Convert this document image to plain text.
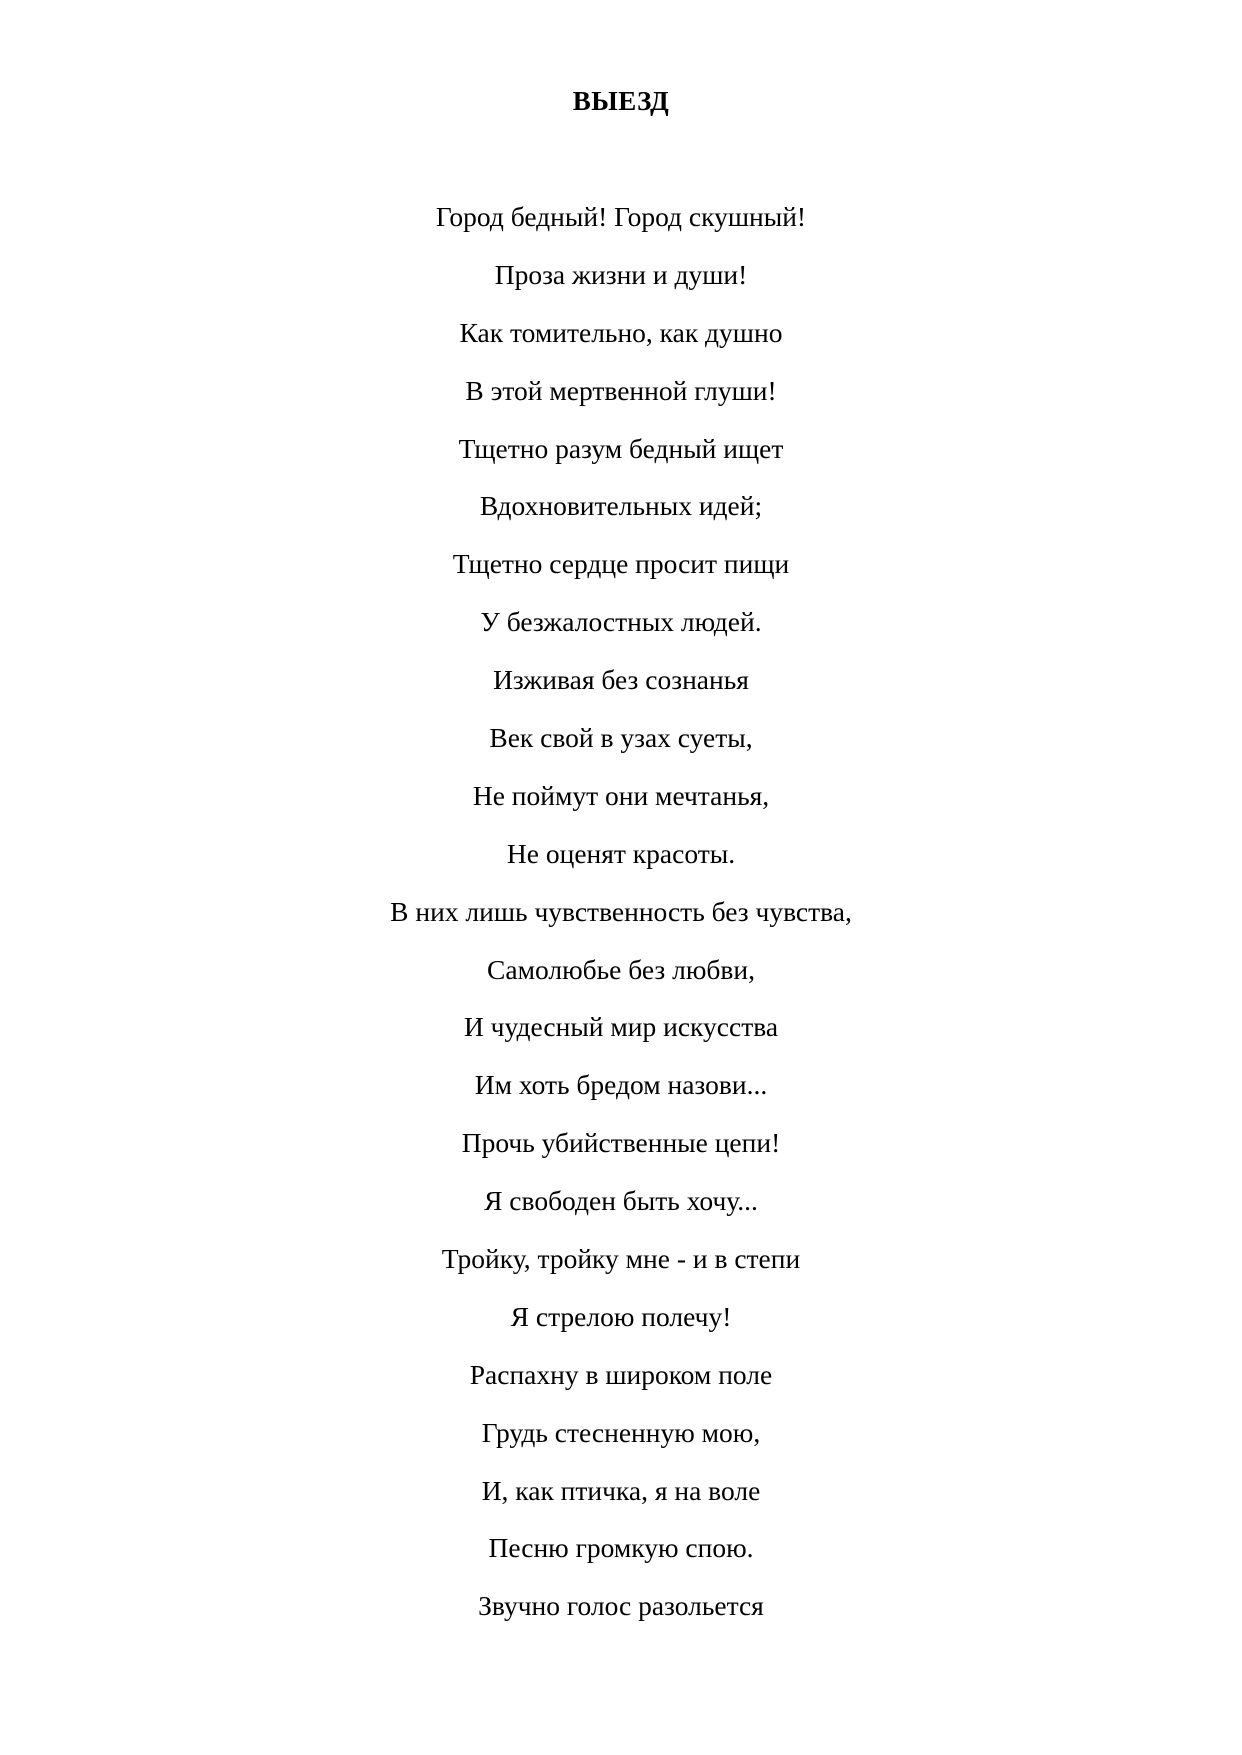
ВЫЕЗД
Город бедный! Город скушный!
Проза жизни и души!
Как томительно, как душно
В этой мертвенной глуши!
Тщетно разум бедный ищет
Вдохновительных идей;
Тщетно сердце просит пищи
У безжалостных людей.
Изживая без сознанья
Век свой в узах суеты,
Не поймут они мечтанья,
Не оценят красоты.
В них лишь чувственность без чувства,
Самолюбье без любви,
И чудесный мир искусства
Им хоть бредом назови...
Прочь убийственные цепи!
Я свободен быть хочу...
Тройку, тройку мне - и в степи
Я стрелою полечу!
Распахну в широком поле
Грудь стесненную мою,
И, как птичка, я на воле
Песню громкую спою.
Звучно голос разольется
